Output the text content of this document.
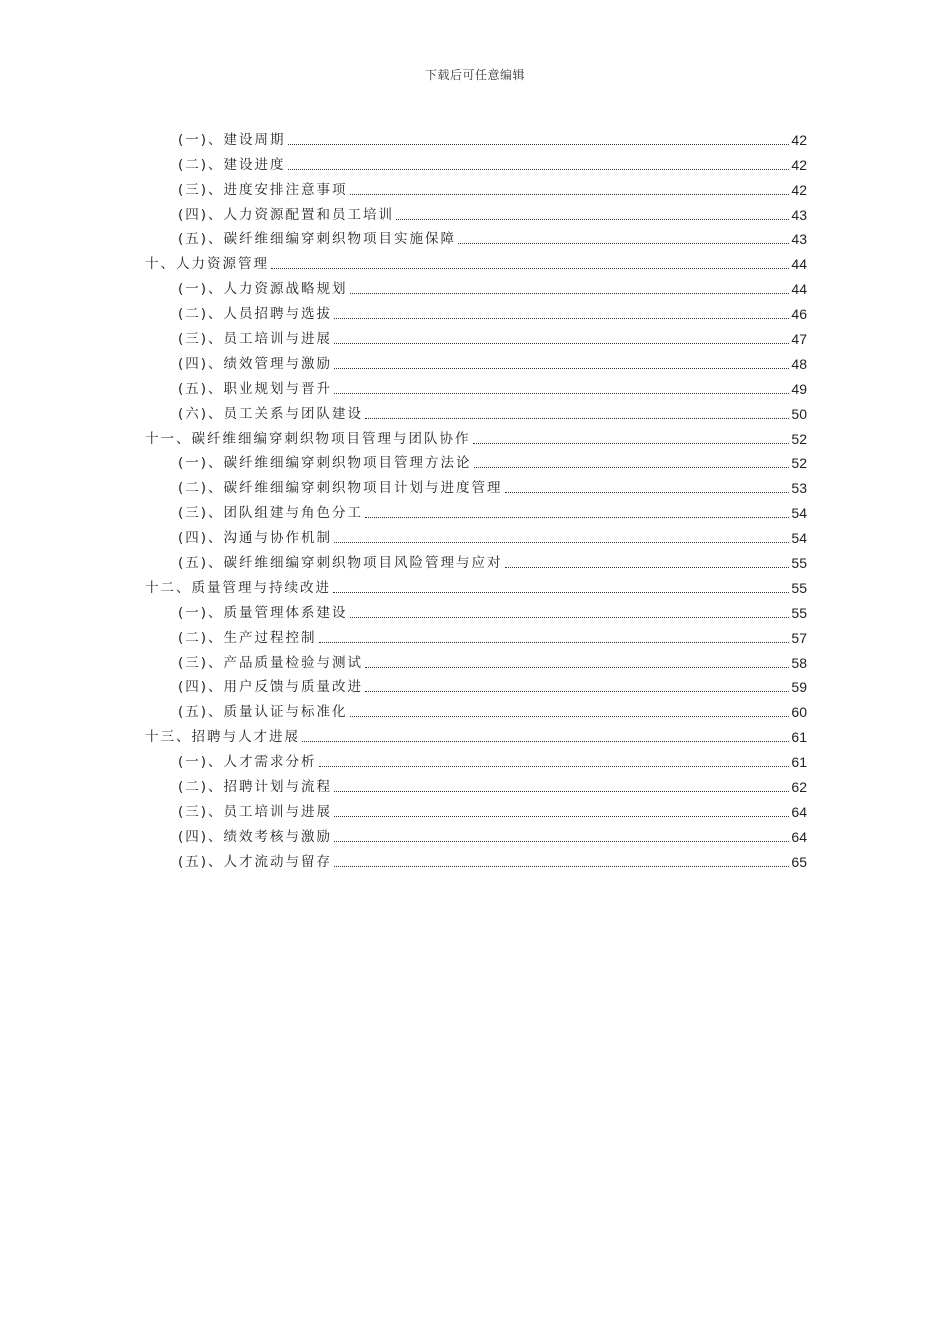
下载后可任意编辑
(一)、建设周期	42
(二)、建设进度	42
(三)、进度安排注意事项	42
(四)、人力资源配置和员工培训	43
(五)、碳纤维细编穿刺织物项目实施保障	43
十、人力资源管理	44
(一)、人力资源战略规划	44
(二)、人员招聘与选拔	46
(三)、员工培训与进展	47
(四)、绩效管理与激励	48
(五)、职业规划与晋升	49
(六)、员工关系与团队建设	50
十一、碳纤维细编穿刺织物项目管理与团队协作	52
(一)、碳纤维细编穿刺织物项目管理方法论	52
(二)、碳纤维细编穿刺织物项目计划与进度管理	53
(三)、团队组建与角色分工	54
(四)、沟通与协作机制	54
(五)、碳纤维细编穿刺织物项目风险管理与应对	55
十二、质量管理与持续改进	55
(一)、质量管理体系建设	55
(二)、生产过程控制	57
(三)、产品质量检验与测试	58
(四)、用户反馈与质量改进	59
(五)、质量认证与标准化	60
十三、招聘与人才进展	61
(一)、人才需求分析	61
(二)、招聘计划与流程	62
(三)、员工培训与进展	64
(四)、绩效考核与激励	64
(五)、人才流动与留存	65
